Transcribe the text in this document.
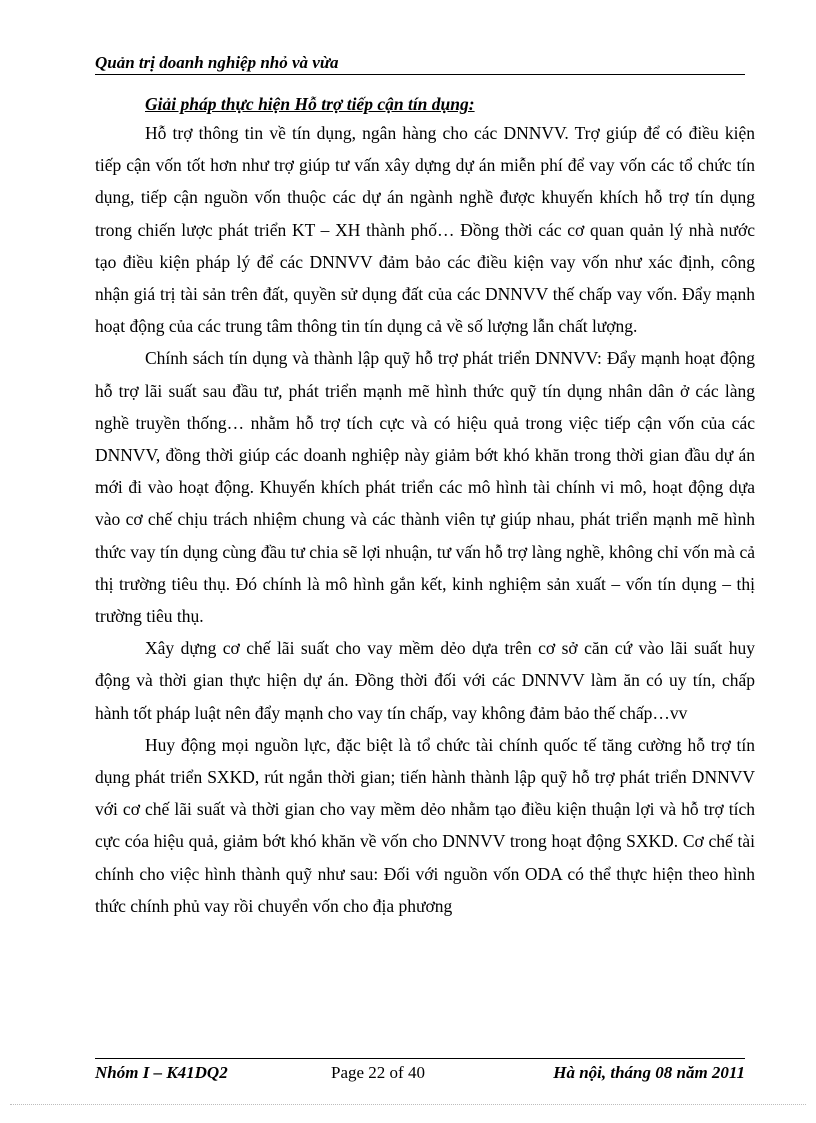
Quản trị doanh nghiệp nhỏ và vừa
Giải pháp thực hiện Hỗ trợ tiếp cận tín dụng:

Hỗ trợ thông tin về tín dụng, ngân hàng cho các DNNVV. Trợ giúp để có điều kiện tiếp cận vốn tốt hơn như trợ giúp tư vấn xây dựng dự án miễn phí để vay vốn các tổ chức tín dụng, tiếp cận nguồn vốn thuộc các dự án ngành nghề được khuyến khích hỗ trợ tín dụng trong chiến lược phát triển KT – XH thành phố… Đồng thời các cơ quan quản lý nhà nước tạo điều kiện pháp lý để các DNNVV đảm bảo các điều kiện vay vốn như xác định, công nhận giá trị tài sản trên đất, quyền sử dụng đất của các DNNVV thế chấp vay vốn. Đẩy mạnh hoạt động của các trung tâm thông tin tín dụng cả về số lượng lẫn chất lượng.

Chính sách tín dụng và thành lập quỹ hỗ trợ phát triển DNNVV: Đẩy mạnh hoạt động hỗ trợ lãi suất sau đầu tư, phát triển mạnh mẽ hình thức quỹ tín dụng nhân dân ở các làng nghề truyền thống… nhằm hỗ trợ tích cực và có hiệu quả trong việc tiếp cận vốn của các DNNVV, đồng thời giúp các doanh nghiệp này giảm bớt khó khăn trong thời gian đầu dự án mới đi vào hoạt động. Khuyến khích phát triển các mô hình tài chính vi mô, hoạt động dựa vào cơ chế chịu trách nhiệm chung và các thành viên tự giúp nhau, phát triển mạnh mẽ hình thức vay tín dụng cùng đầu tư chia sẽ lợi nhuận, tư vấn hỗ trợ làng nghề, không chỉ vốn mà cả thị trường tiêu thụ. Đó chính là mô hình gắn kết, kinh nghiệm sản xuất – vốn tín dụng – thị trường tiêu thụ.

Xây dựng cơ chế lãi suất cho vay mềm dẻo dựa trên cơ sở căn cứ vào lãi suất huy động và thời gian thực hiện dự án. Đồng thời đối với các DNNVV làm ăn có uy tín, chấp hành tốt pháp luật nên đẩy mạnh cho vay tín chấp, vay không đảm bảo thế chấp…vv

Huy động mọi nguồn lực, đặc biệt là tổ chức tài chính quốc tế tăng cường hỗ trợ tín dụng phát triển SXKD, rút ngắn thời gian; tiến hành thành lập quỹ hỗ trợ phát triển DNNVV với cơ chế lãi suất và thời gian cho vay mềm dẻo nhằm tạo điều kiện thuận lợi và hỗ trợ tích cực cóa hiệu quả, giảm bớt khó khăn về vốn cho DNNVV trong hoạt động SXKD. Cơ chế tài chính cho việc hình thành quỹ như sau: Đối với nguồn vốn ODA có thể thực hiện theo hình thức chính phủ vay rồi chuyển vốn cho địa phương

Nhóm I – K41DQ2	Page 22 of 40	Hà nội, tháng 08 năm 2011
